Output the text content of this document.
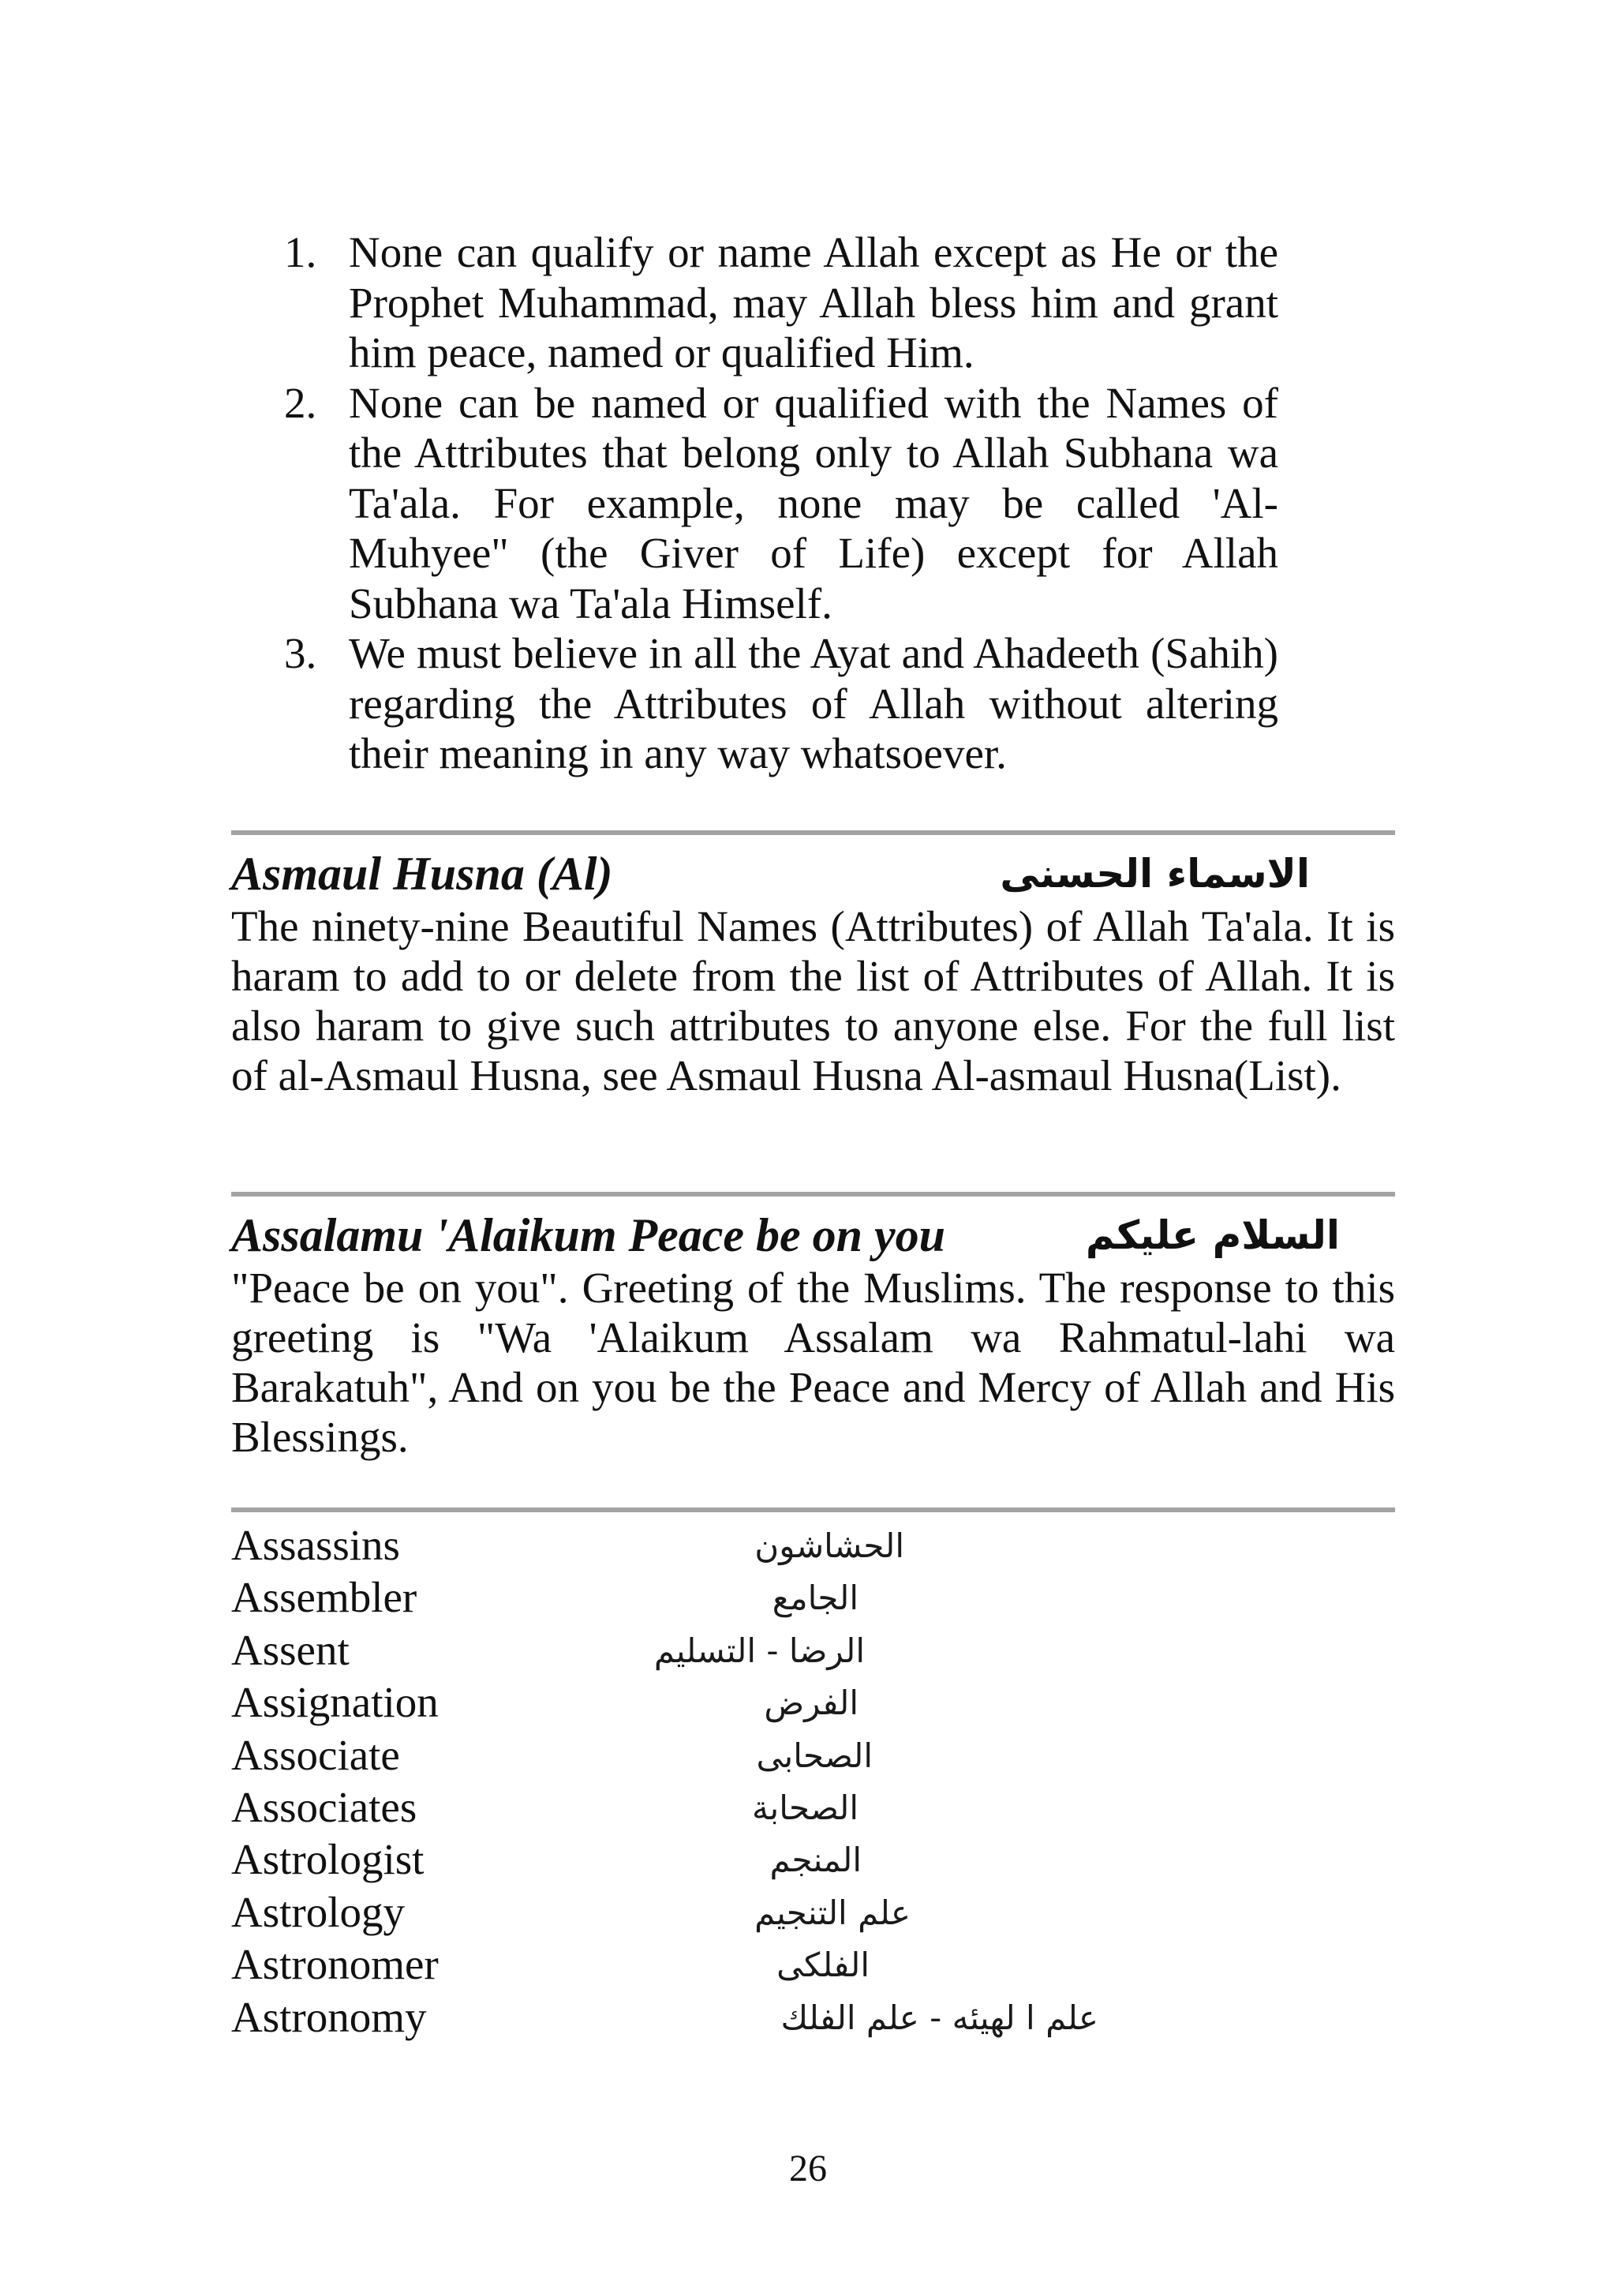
1. None can qualify or name Allah except as He or the Prophet Muhammad, may Allah bless him and grant him peace, named or qualified Him.
2. None can be named or qualified with the Names of the Attributes that belong only to Allah Subhana wa Ta'ala. For example, none may be called 'Al-Muhyee" (the Giver of Life) except for Allah Subhana wa Ta'ala Himself.
3. We must believe in all the Ayat and Ahadeeth (Sahih) regarding the Attributes of Allah without altering their meaning in any way whatsoever.
Asmaul Husna (Al)	الاسماء الحسنى
The ninety-nine Beautiful Names (Attributes) of Allah Ta'ala. It is haram to add to or delete from the list of Attributes of Allah. It is also haram to give such attributes to anyone else. For the full list of al-Asmaul Husna, see Asmaul Husna Al-asmaul Husna(List).
Assalamu 'Alaikum Peace be on you	السلام عليكم
"Peace be on you". Greeting of the Muslims. The response to this greeting is "Wa 'Alaikum Assalam wa Rahmatul-lahi wa Barakatuh", And on you be the Peace and Mercy of Allah and His Blessings.
Assassins	الحشاشون
Assembler	الجامع
Assent	الرضا - التسليم
Assignation	الفرض
Associate	الصحابى
Associates	الصحابة
Astrologist	المنجم
Astrology	علم التنجيم
Astronomer	الفلكى
Astronomy	علم ا لهيئه - علم الفلك
26
